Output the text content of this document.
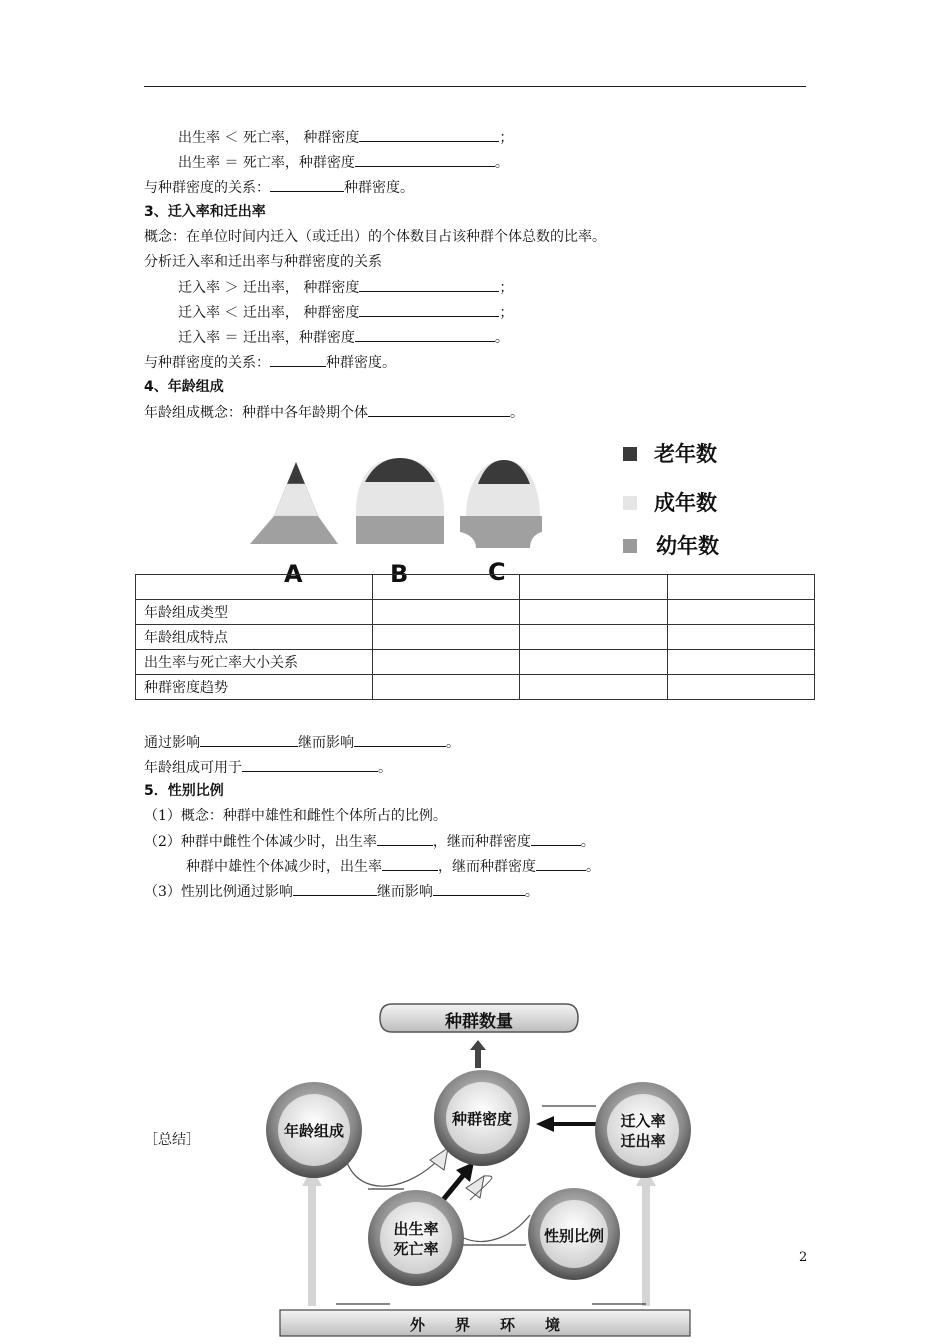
出生率 ＜ 死亡率， 种群密度	；
出生率 ＝ 死亡率，种群密度	。
与种群密度的关系：	种群密度。
3、迁入率和迁出率
概念：在单位时间内迁入（或迁出）的个体数目占该种群个体总数的比率。
分析迁入率和迁出率与种群密度的关系
迁入率 ＞ 迁出率， 种群密度	；
迁入率 ＜ 迁出率， 种群密度	；
迁入率 ＝ 迁出率，种群密度	。
与种群密度的关系：	种群密度。
4、年龄组成
年龄组成概念：种群中各年龄期个体	。
A	B	C
老年数
成年数
幼年数

年龄组成类型			
年龄组成特点			
出生率与死亡率大小关系			
种群密度趋势			
通过影响	继而影响	。
年龄组成可用于	。
5．性别比例
（1）概念：种群中雄性和雌性个体所占的比例。
（2）种群中雌性个体减少时，出生率	，继而种群密度	。
种群中雄性个体减少时，出生率	，继而种群密度	。
（3）性别比例通过影响	继而影响	。
［总结］
种群数量
年龄组成
种群密度	迁入率
迁出率
出生率
死亡率
性别比例
外　　界　　环　　境
2
